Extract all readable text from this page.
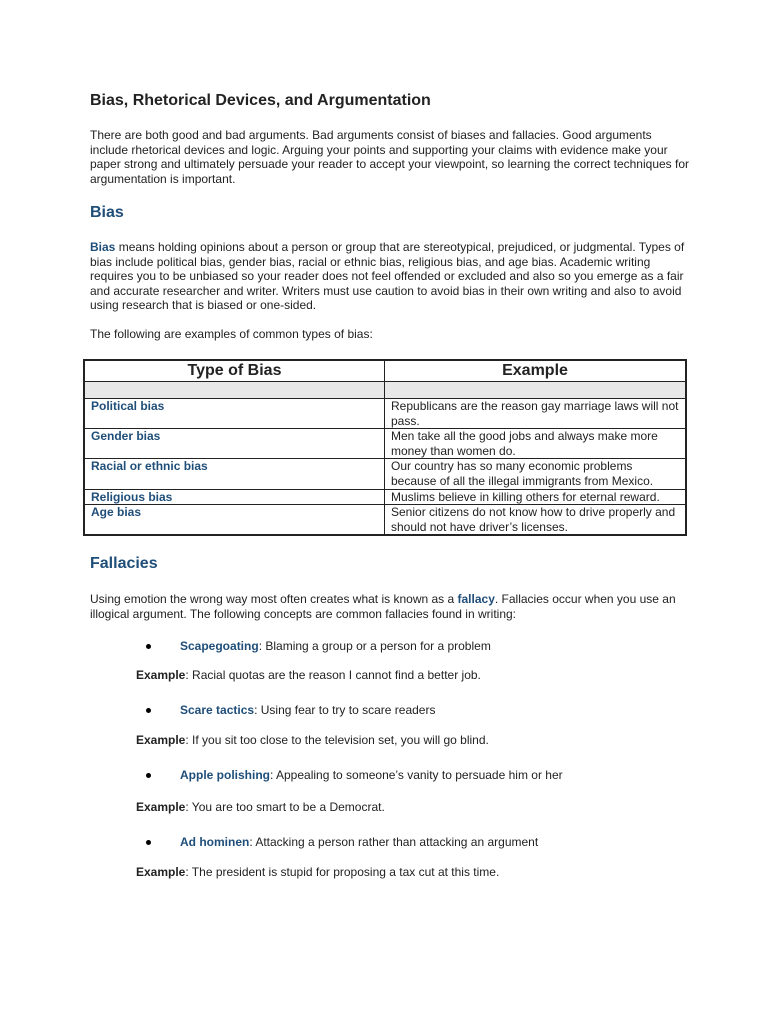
Bias, Rhetorical Devices, and Argumentation

There are both good and bad arguments. Bad arguments consist of biases and fallacies. Good arguments include rhetorical devices and logic. Arguing your points and supporting your claims with evidence make your paper strong and ultimately persuade your reader to accept your viewpoint, so learning the correct techniques for argumentation is important.

Bias

Bias means holding opinions about a person or group that are stereotypical, prejudiced, or judgmental. Types of bias include political bias, gender bias, racial or ethnic bias, religious bias, and age bias. Academic writing requires you to be unbiased so your reader does not feel offended or excluded and also so you emerge as a fair and accurate researcher and writer. Writers must use caution to avoid bias in their own writing and also to avoid using research that is biased or one-sided.

The following are examples of common types of bias:

Type of Bias	Example

Political bias	Republicans are the reason gay marriage laws will not pass.
Gender bias	Men take all the good jobs and always make more money than women do.
Racial or ethnic bias	Our country has so many economic problems because of all the illegal immigrants from Mexico.
Religious bias	Muslims believe in killing others for eternal reward.
Age bias	Senior citizens do not know how to drive properly and should not have driver’s licenses.
Fallacies

Using emotion the wrong way most often creates what is known as a fallacy. Fallacies occur when you use an illogical argument. The following concepts are common fallacies found in writing:

Scapegoating: Blaming a group or a person for a problem
Example: Racial quotas are the reason I cannot find a better job.
Scare tactics: Using fear to try to scare readers
Example: If you sit too close to the television set, you will go blind.
Apple polishing: Appealing to someone’s vanity to persuade him or her
Example: You are too smart to be a Democrat.
Ad hominen: Attacking a person rather than attacking an argument
Example: The president is stupid for proposing a tax cut at this time.
